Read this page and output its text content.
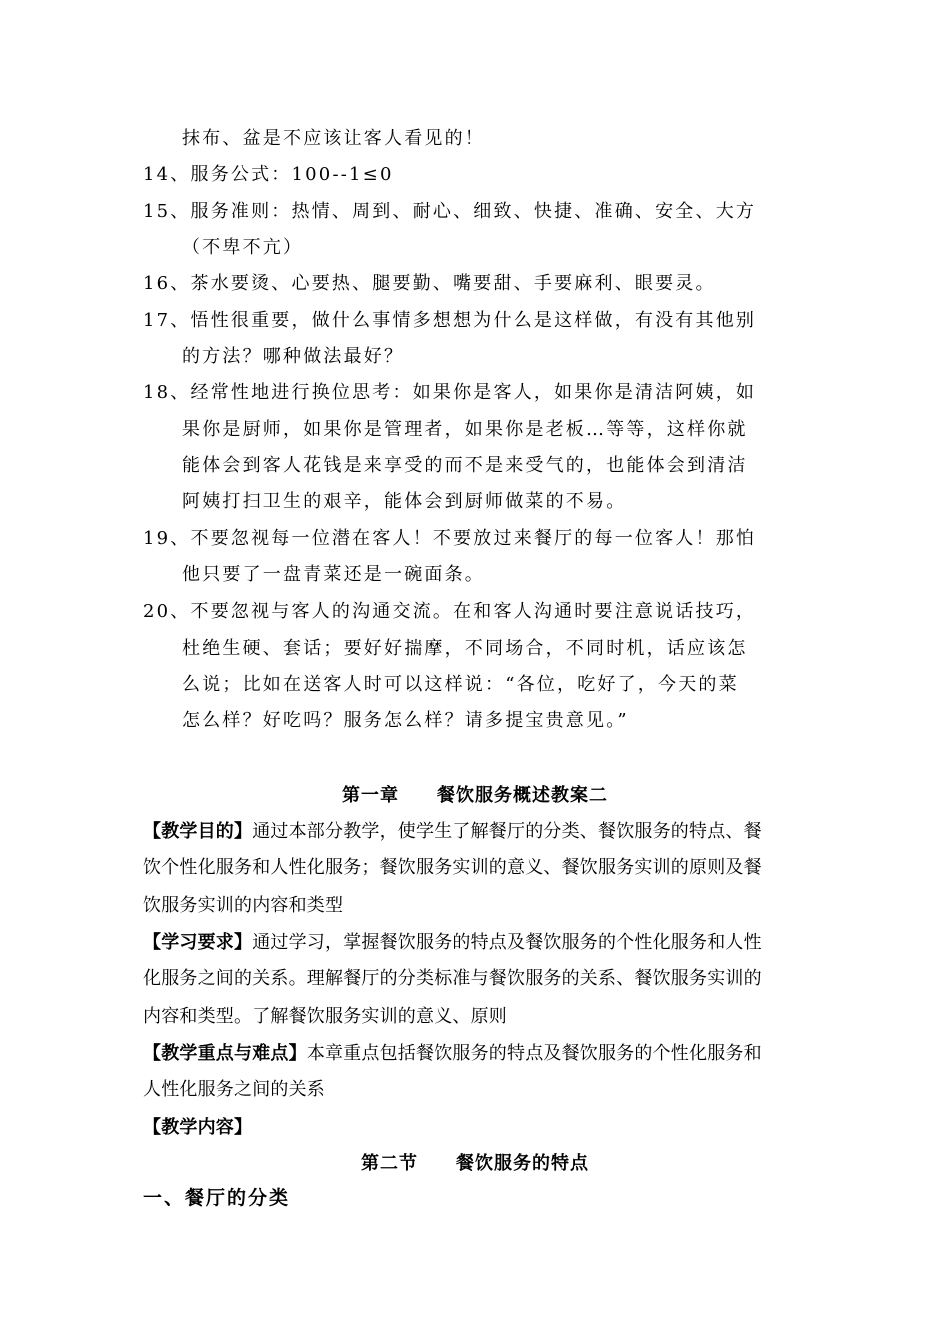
抹布、盆是不应该让客人看见的！
14、服务公式：100--1≤0
15、服务准则：热情、周到、耐心、细致、快捷、准确、安全、大方
（不卑不亢）
16、茶水要烫、心要热、腿要勤、嘴要甜、手要麻利、眼要灵。
17、悟性很重要，做什么事情多想想为什么是这样做，有没有其他别
的方法？哪种做法最好？
18、经常性地进行换位思考：如果你是客人，如果你是清洁阿姨，如
果你是厨师，如果你是管理者，如果你是老板…等等，这样你就
能体会到客人花钱是来享受的而不是来受气的，也能体会到清洁
阿姨打扫卫生的艰辛，能体会到厨师做菜的不易。
19、不要忽视每一位潜在客人！不要放过来餐厅的每一位客人！那怕
他只要了一盘青菜还是一碗面条。
20、不要忽视与客人的沟通交流。在和客人沟通时要注意说话技巧，
杜绝生硬、套话；要好好揣摩，不同场合，不同时机，话应该怎
么说；比如在送客人时可以这样说：“各位，吃好了，今天的菜
怎么样？好吃吗？服务怎么样？请多提宝贵意见。”
第一章　　餐饮服务概述教案二
【教学目的】通过本部分教学，使学生了解餐厅的分类、餐饮服务的特点、餐
饮个性化服务和人性化服务；餐饮服务实训的意义、餐饮服务实训的原则及餐
饮服务实训的内容和类型
【学习要求】通过学习，掌握餐饮服务的特点及餐饮服务的个性化服务和人性
化服务之间的关系。理解餐厅的分类标准与餐饮服务的关系、餐饮服务实训的
内容和类型。了解餐饮服务实训的意义、原则
【教学重点与难点】本章重点包括餐饮服务的特点及餐饮服务的个性化服务和
人性化服务之间的关系
【教学内容】
第二节　　餐饮服务的特点
一、餐厅的分类
